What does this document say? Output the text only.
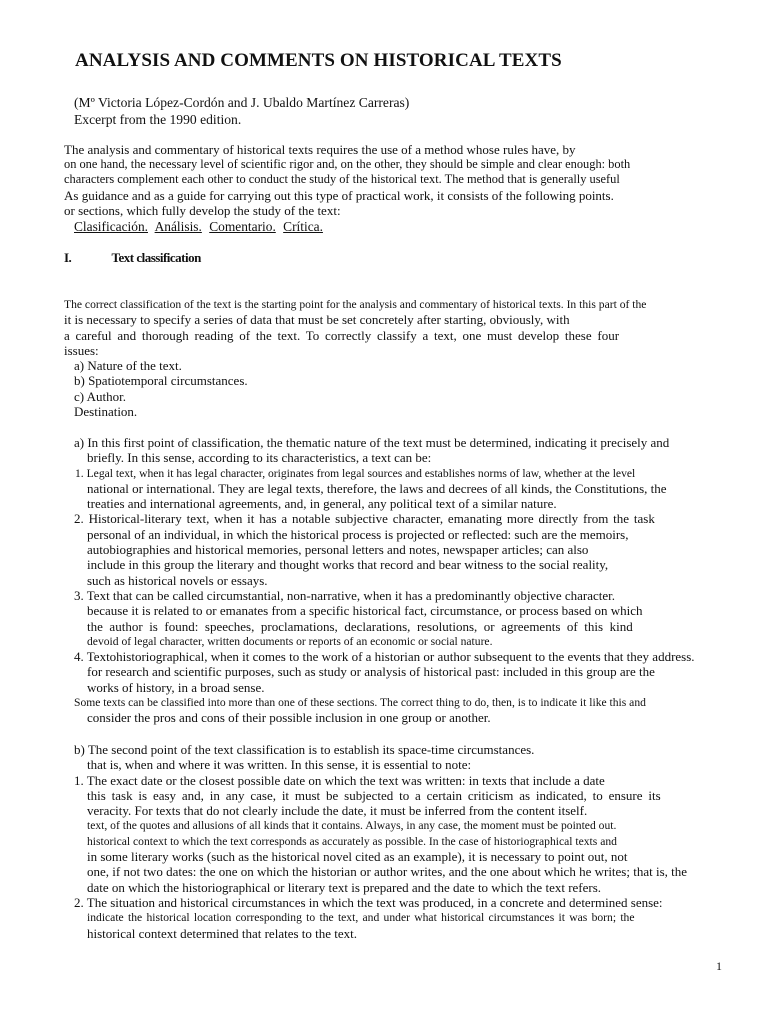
ANALYSIS AND COMMENTS ON HISTORICAL TEXTS
(Mº Victoria López-Cordón and J. Ubaldo Martínez Carreras)
Excerpt from the 1990 edition.
The analysis and commentary of historical texts requires the use of a method whose rules have, by
on one hand, the necessary level of scientific rigor and, on the other, they should be simple and clear enough: both
characters complement each other to conduct the study of the historical text. The method that is generally useful
As guidance and as a guide for carrying out this type of practical work, it consists of the following points.
or sections, which fully develop the study of the text:
Clasificación. Análisis. Comentario. Crítica.
I.	Text classification
The correct classification of the text is the starting point for the analysis and commentary of historical texts. In this part of the
it is necessary to specify a series of data that must be set concretely after starting, obviously, with
a careful and thorough reading of the text. To correctly classify a text, one must develop these four
issues:
a) Nature of the text.
b) Spatiotemporal circumstances.
c) Author.
Destination.
a) In this first point of classification, the thematic nature of the text must be determined, indicating it precisely and
briefly. In this sense, according to its characteristics, a text can be:
1. Legal text, when it has legal character, originates from legal sources and establishes norms of law, whether at the level
national or international. They are legal texts, therefore, the laws and decrees of all kinds, the Constitutions, the
treaties and international agreements, and, in general, any political text of a similar nature.
2. Historical-literary text, when it has a notable subjective character, emanating more directly from the task
personal of an individual, in which the historical process is projected or reflected: such are the memoirs,
autobiographies and historical memories, personal letters and notes, newspaper articles; can also
include in this group the literary and thought works that record and bear witness to the social reality,
such as historical novels or essays.
3. Text that can be called circumstantial, non-narrative, when it has a predominantly objective character.
because it is related to or emanates from a specific historical fact, circumstance, or process based on which
the author is found: speeches, proclamations, declarations, resolutions, or agreements of this kind
devoid of legal character, written documents or reports of an economic or social nature.
4. Textohistoriographical, when it comes to the work of a historian or author subsequent to the events that they address.
for research and scientific purposes, such as study or analysis of historical past: included in this group are the
works of history, in a broad sense.
Some texts can be classified into more than one of these sections. The correct thing to do, then, is to indicate it like this and
consider the pros and cons of their possible inclusion in one group or another.
b) The second point of the text classification is to establish its space-time circumstances.
that is, when and where it was written. In this sense, it is essential to note:
1. The exact date or the closest possible date on which the text was written: in texts that include a date
this task is easy and, in any case, it must be subjected to a certain criticism as indicated, to ensure its
veracity. For texts that do not clearly include the date, it must be inferred from the content itself.
text, of the quotes and allusions of all kinds that it contains. Always, in any case, the moment must be pointed out.
historical context to which the text corresponds as accurately as possible. In the case of historiographical texts and
in some literary works (such as the historical novel cited as an example), it is necessary to point out, not
one, if not two dates: the one on which the historian or author writes, and the one about which he writes; that is, the
date on which the historiographical or literary text is prepared and the date to which the text refers.
2. The situation and historical circumstances in which the text was produced, in a concrete and determined sense:
indicate the historical location corresponding to the text, and under what historical circumstances it was born; the
historical context determined that relates to the text.
1
